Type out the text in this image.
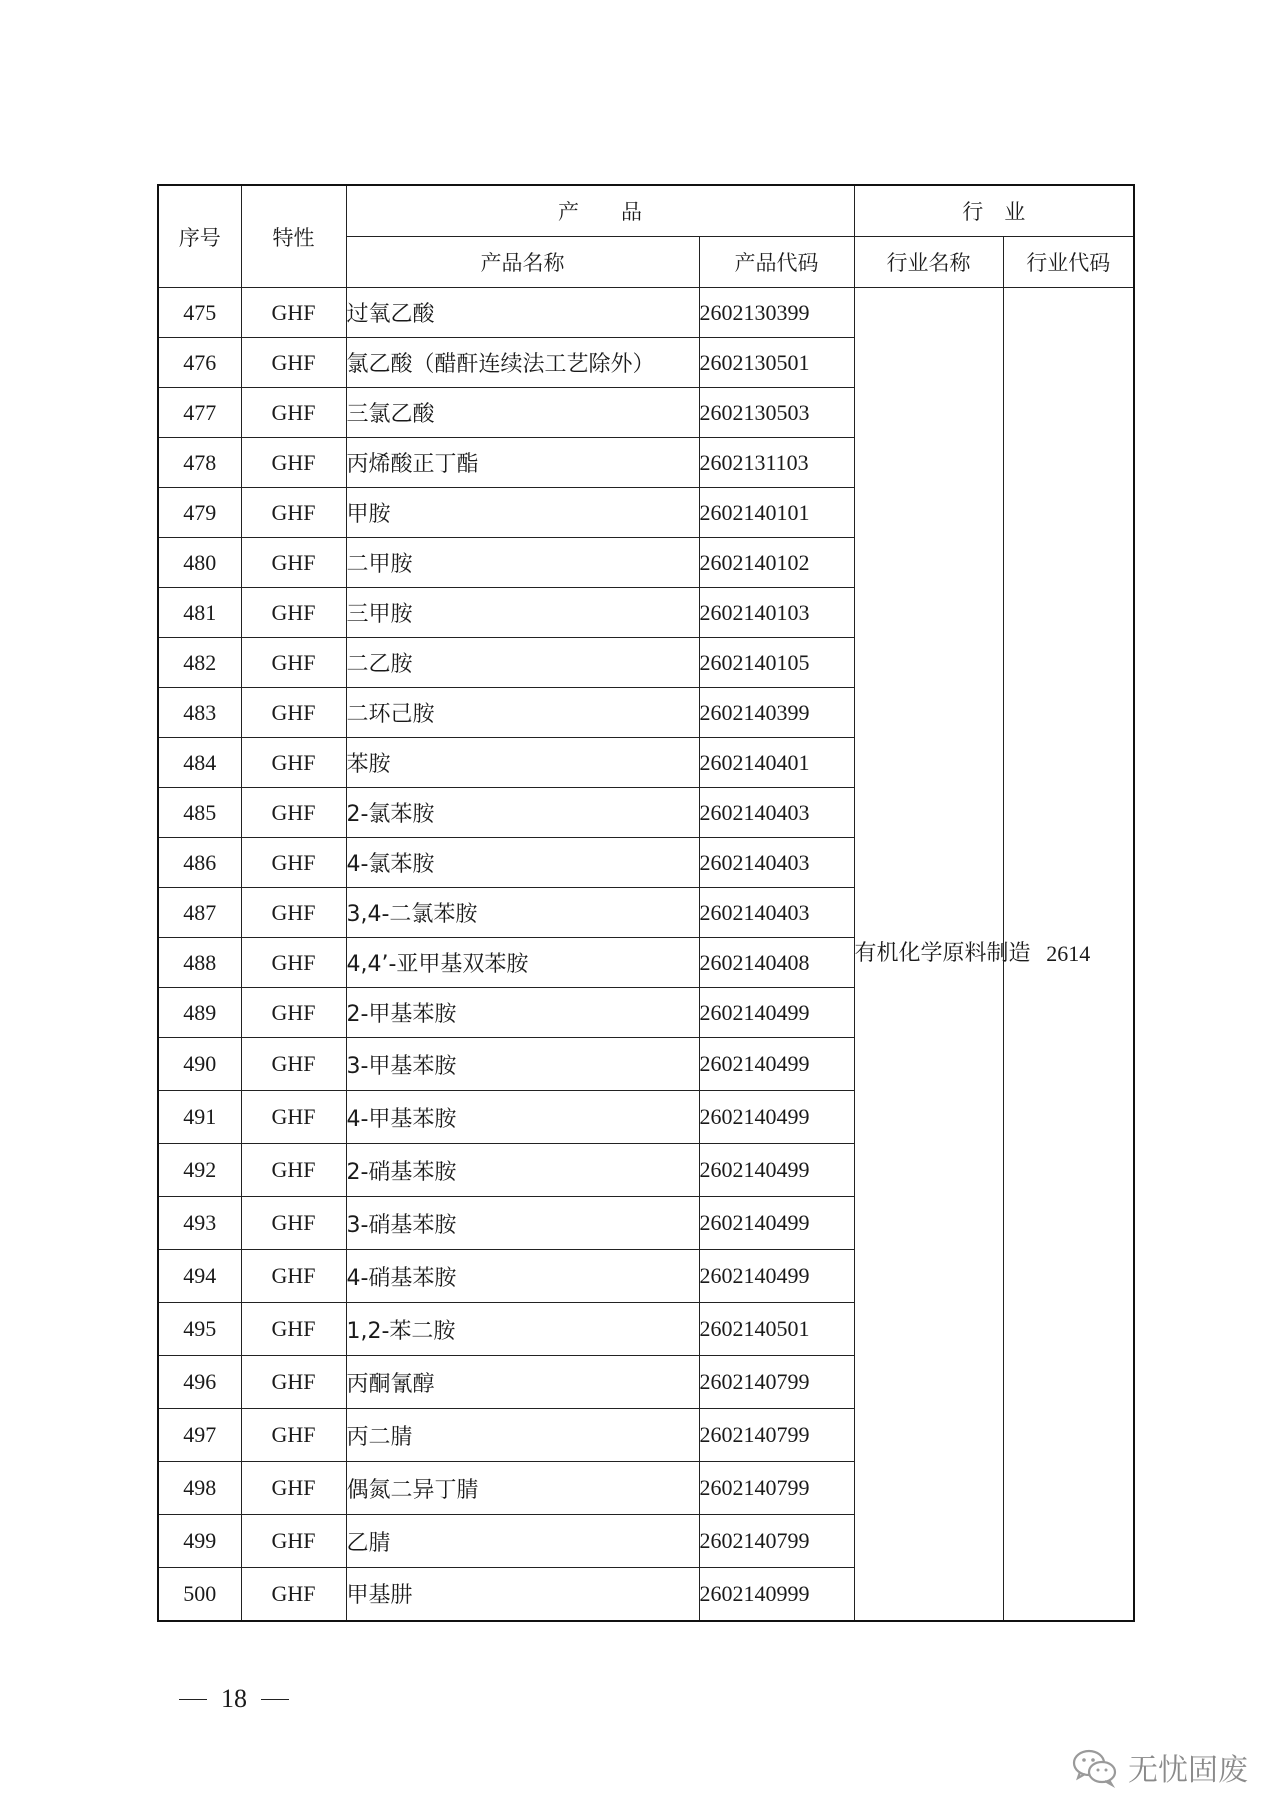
序号	特性	产　　品		行　业	
		产品名称	产品代码	行业名称	行业代码
475	GHF	过氧乙酸	2602130399	有机化学原料制造	2614
476	GHF	氯乙酸（醋酐连续法工艺除外）	2602130501		
477	GHF	三氯乙酸	2602130503		
478	GHF	丙烯酸正丁酯	2602131103		
479	GHF	甲胺	2602140101		
480	GHF	二甲胺	2602140102		
481	GHF	三甲胺	2602140103		
482	GHF	二乙胺	2602140105		
483	GHF	二环己胺	2602140399		
484	GHF	苯胺	2602140401		
485	GHF	2-氯苯胺	2602140403		
486	GHF	4-氯苯胺	2602140403		
487	GHF	3,4-二氯苯胺	2602140403		
488	GHF	4,4’-亚甲基双苯胺	2602140408		
489	GHF	2-甲基苯胺	2602140499		
490	GHF	3-甲基苯胺	2602140499		
491	GHF	4-甲基苯胺	2602140499		
492	GHF	2-硝基苯胺	2602140499		
493	GHF	3-硝基苯胺	2602140499		
494	GHF	4-硝基苯胺	2602140499		
495	GHF	1,2-苯二胺	2602140501		
496	GHF	丙酮氰醇	2602140799		
497	GHF	丙二腈	2602140799		
498	GHF	偶氮二异丁腈	2602140799		
499	GHF	乙腈	2602140799		
500	GHF	甲基肼	2602140999		
18
无忧固废
